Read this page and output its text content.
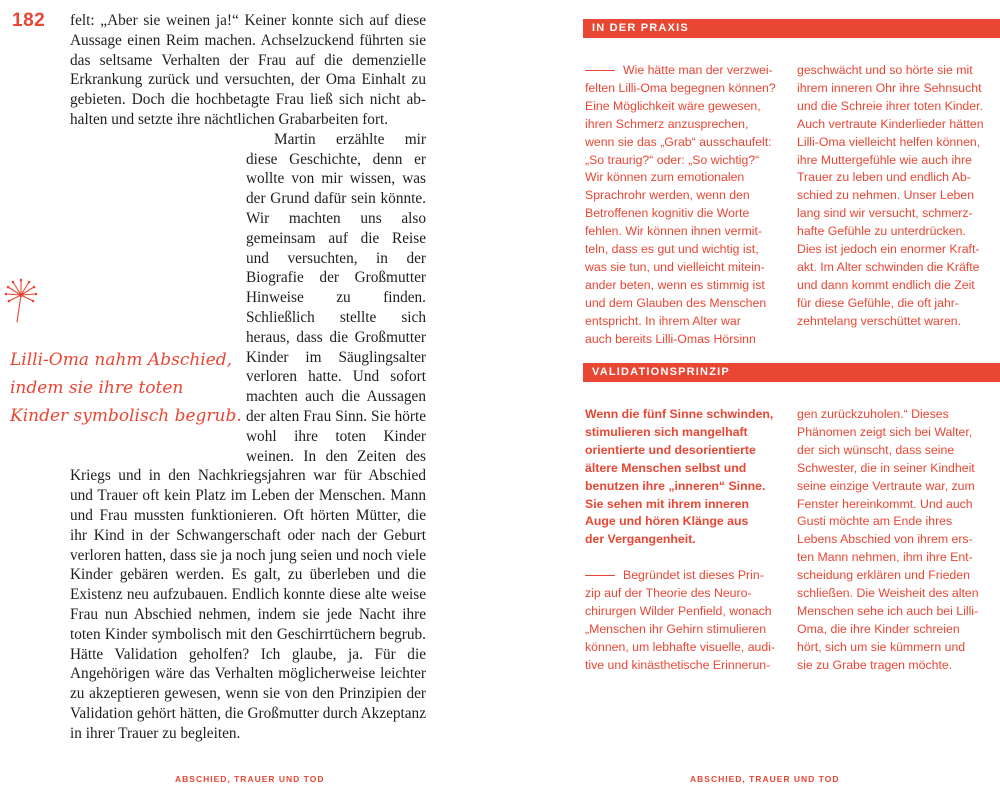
182
Lilli-Oma nahm Abschied,
indem sie ihre toten
Kinder symbolisch begrub.

felt: „Aber sie weinen ja!“ Keiner konnte sich auf diese Aussage einen Reim machen. Achselzuckend führten sie das seltsame Verhalten der Frau auf die demenzielle Erkrankung zurück und versuchten, der Oma Einhalt zu gebieten. Doch die hochbetagte Frau ließ sich nicht abhalten und setzte ihre nächtlichen Grabarbeiten fort.

Martin erzählte mir diese Geschichte, denn er wollte von mir wissen, was der Grund dafür sein könnte. Wir machten uns also gemeinsam auf die Reise und versuchten, in der Biografie der Großmutter Hinweise zu finden. Schließlich stellte sich heraus, dass die Großmutter Kinder im Säuglingsalter verloren hatte. Und sofort machten auch die Aussagen der alten Frau Sinn. Sie hörte wohl ihre toten Kinder weinen. In den Zeiten des Kriegs und in den Nachkriegsjahren war für Abschied und Trauer oft kein Platz im Leben der Menschen. Mann und Frau mussten funktionieren. Oft hörten Mütter, die ihr Kind in der Schwangerschaft oder nach der Geburt verloren hatten, dass sie ja noch jung seien und noch viele Kinder gebären werden. Es galt, zu überleben und die Existenz neu aufzubauen. Endlich konnte diese alte weise Frau nun Abschied nehmen, indem sie jede Nacht ihre toten Kinder symbolisch mit den Geschirrtüchern begrub. Hätte Validation geholfen? Ich glaube, ja. Für die Angehörigen wäre das Verhalten möglicherweise leichter zu akzeptieren gewesen, wenn sie von den Prinzipien der Validation gehört hätten, die Großmutter durch Akzeptanz in ihrer Trauer zu begleiten.

ABSCHIED, TRAUER UND TOD
IN DER PRAXIS
Wie hätte man der verzwei-
felten Lilli-Oma begegnen können?
Eine Möglichkeit wäre gewesen,
ihren Schmerz anzusprechen,
wenn sie das „Grab“ ausschaufelt:
„So traurig?“ oder: „So wichtig?“
Wir können zum emotionalen
Sprachrohr werden, wenn den
Betroffenen kognitiv die Worte
fehlen. Wir können ihnen vermit-
teln, dass es gut und wichtig ist,
was sie tun, und vielleicht mitein-
ander beten, wenn es stimmig ist
und dem Glauben des Menschen
entspricht. In ihrem Alter war
auch bereits Lilli-Omas Hörsinn
geschwächt und so hörte sie mit
ihrem inneren Ohr ihre Sehnsucht
und die Schreie ihrer toten Kinder.
Auch vertraute Kinderlieder hätten
Lilli-Oma vielleicht helfen können,
ihre Muttergefühle wie auch ihre
Trauer zu leben und endlich Ab-
schied zu nehmen. Unser Leben
lang sind wir versucht, schmerz-
hafte Gefühle zu unterdrücken.
Dies ist jedoch ein enormer Kraft-
akt. Im Alter schwinden die Kräfte
und dann kommt endlich die Zeit
für diese Gefühle, die oft jahr-
zehntelang verschüttet waren.
VALIDATIONSPRINZIP
Wenn die fünf Sinne schwinden,
stimulieren sich mangelhaft
orientierte und desorientierte
ältere Menschen selbst und
benutzen ihre „inneren“ Sinne.
Sie sehen mit ihrem inneren
Auge und hören Klänge aus
der Vergangenheit.
Begründet ist dieses Prin-
zip auf der Theorie des Neuro-
chirurgen Wilder Penfield, wonach
„Menschen ihr Gehirn stimulieren
können, um lebhafte visuelle, audi-
tive und kinästhetische Erinnerun-
gen zurückzuholen.“ Dieses
Phänomen zeigt sich bei Walter,
der sich wünscht, dass seine
Schwester, die in seiner Kindheit
seine einzige Vertraute war, zum
Fenster hereinkommt. Und auch
Gusti möchte am Ende ihres
Lebens Abschied von ihrem ers-
ten Mann nehmen, ihm ihre Ent-
scheidung erklären und Frieden
schließen. Die Weisheit des alten
Menschen sehe ich auch bei Lilli-
Oma, die ihre Kinder schreien
hört, sich um sie kümmern und
sie zu Grabe tragen möchte.
ABSCHIED, TRAUER UND TOD
